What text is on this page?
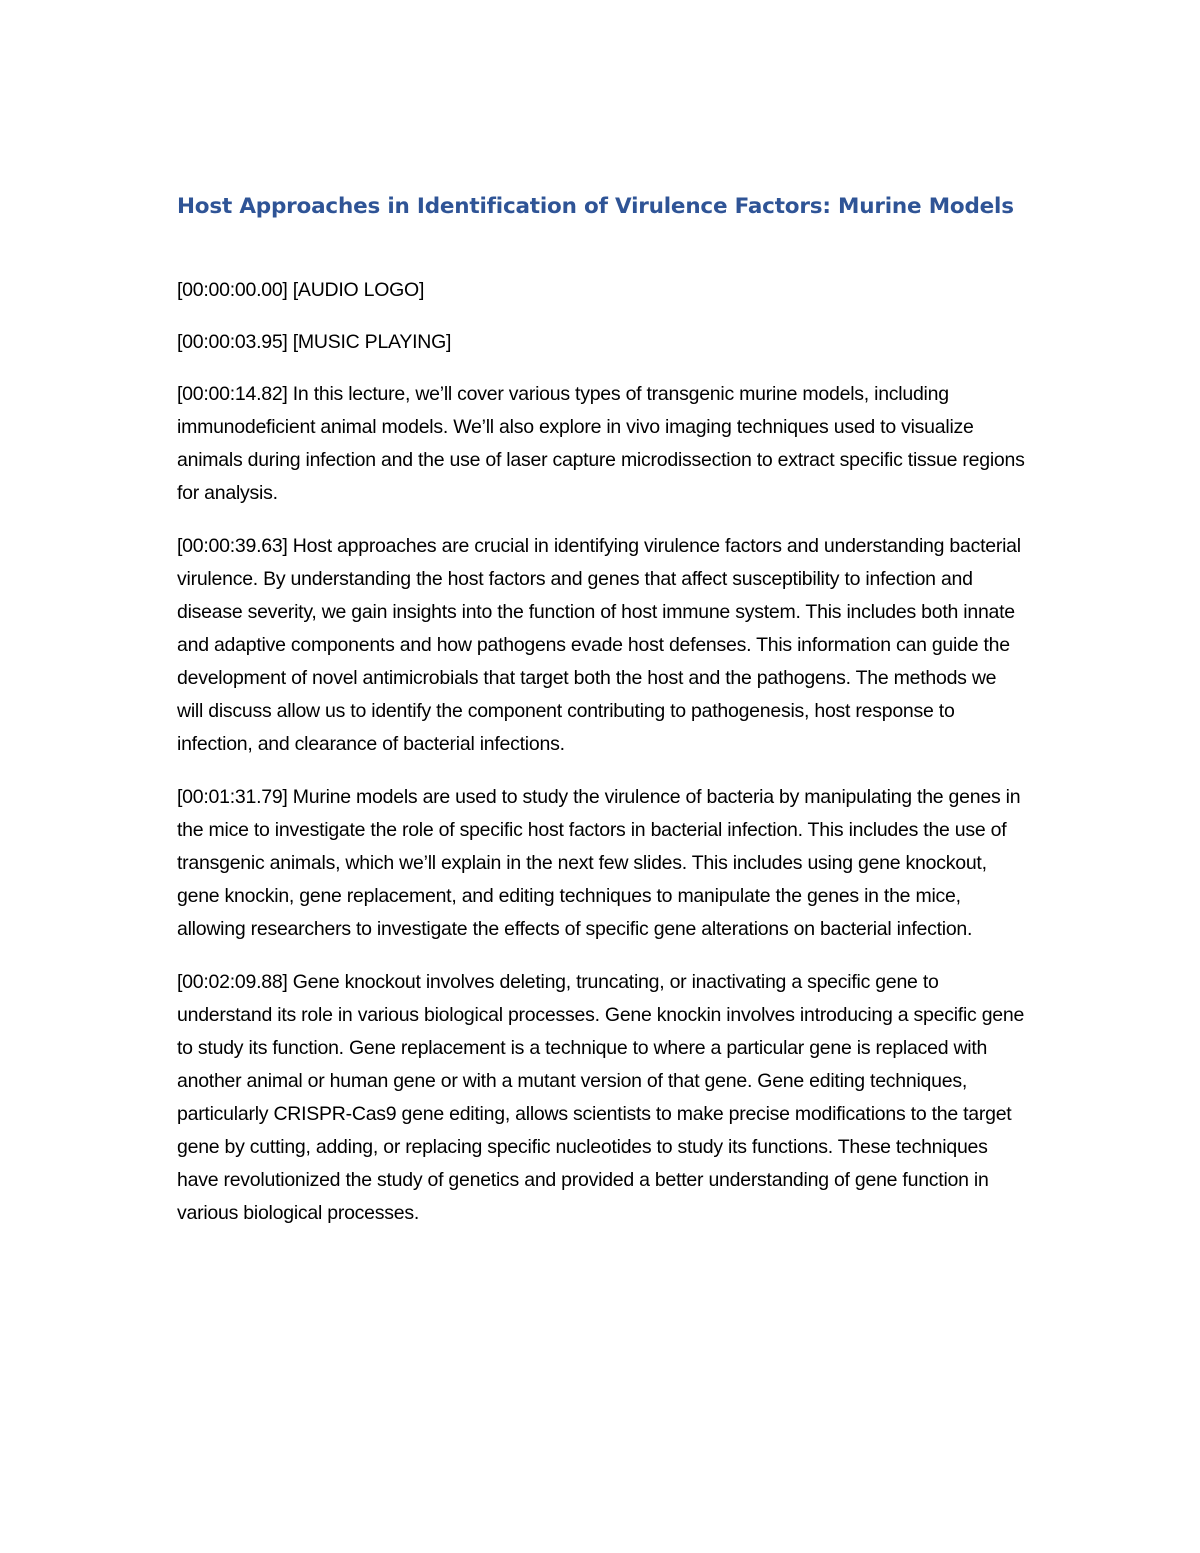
Host Approaches in Identification of Virulence Factors: Murine Models

[00:00:00.00] [AUDIO LOGO]

[00:00:03.95] [MUSIC PLAYING]

[00:00:14.82] In this lecture, we’ll cover various types of transgenic murine models, including immunodeficient animal models. We’ll also explore in vivo imaging techniques used to visualize animals during infection and the use of laser capture microdissection to extract specific tissue regions for analysis.

[00:00:39.63] Host approaches are crucial in identifying virulence factors and understanding bacterial virulence. By understanding the host factors and genes that affect susceptibility to infection and disease severity, we gain insights into the function of host immune system. This includes both innate and adaptive components and how pathogens evade host defenses. This information can guide the development of novel antimicrobials that target both the host and the pathogens. The methods we will discuss allow us to identify the component contributing to pathogenesis, host response to infection, and clearance of bacterial infections.

[00:01:31.79] Murine models are used to study the virulence of bacteria by manipulating the genes in the mice to investigate the role of specific host factors in bacterial infection. This includes the use of transgenic animals, which we’ll explain in the next few slides. This includes using gene knockout, gene knockin, gene replacement, and editing techniques to manipulate the genes in the mice, allowing researchers to investigate the effects of specific gene alterations on bacterial infection.

[00:02:09.88] Gene knockout involves deleting, truncating, or inactivating a specific gene to understand its role in various biological processes. Gene knockin involves introducing a specific gene to study its function. Gene replacement is a technique to where a particular gene is replaced with another animal or human gene or with a mutant version of that gene. Gene editing techniques, particularly CRISPR-Cas9 gene editing, allows scientists to make precise modifications to the target gene by cutting, adding, or replacing specific nucleotides to study its functions. These techniques have revolutionized the study of genetics and provided a better understanding of gene function in various biological processes.
